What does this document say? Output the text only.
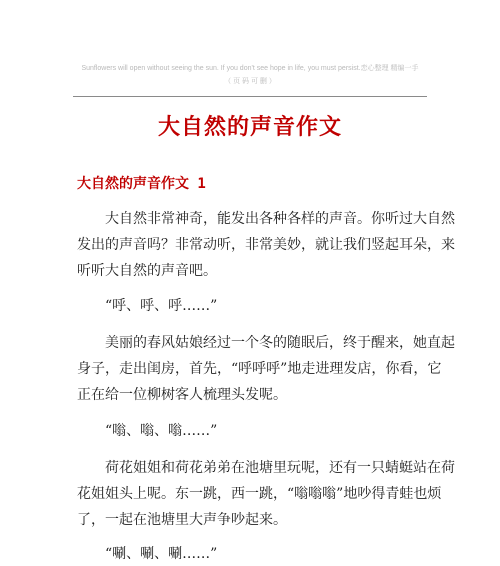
Sunflowers will open without seeing the sun. If you don't see hope in life, you must persist.恋心整理 精编一手
（ 页 码 可 删 ）
大自然的声音作文
大自然的声音作文 1
大自然非常神奇，能发出各种各样的声音。你听过大自然
发出的声音吗？非常动听，非常美妙，就让我们竖起耳朵，来
听听大自然的声音吧。
“呼、呼、呼……”
美丽的春风姑娘经过一个冬的随眠后，终于醒来，她直起
身子，走出闺房，首先，“呼呼呼”地走进理发店，你看，它
正在给一位柳树客人梳理头发呢。
“嗡、嗡、嗡……”
荷花姐姐和荷花弟弟在池塘里玩呢，还有一只蜻蜓站在荷
花姐姐头上呢。东一跳，西一跳，“嗡嗡嗡”地吵得青蛙也烦
了，一起在池塘里大声争吵起来。
“唰、唰、唰……”
